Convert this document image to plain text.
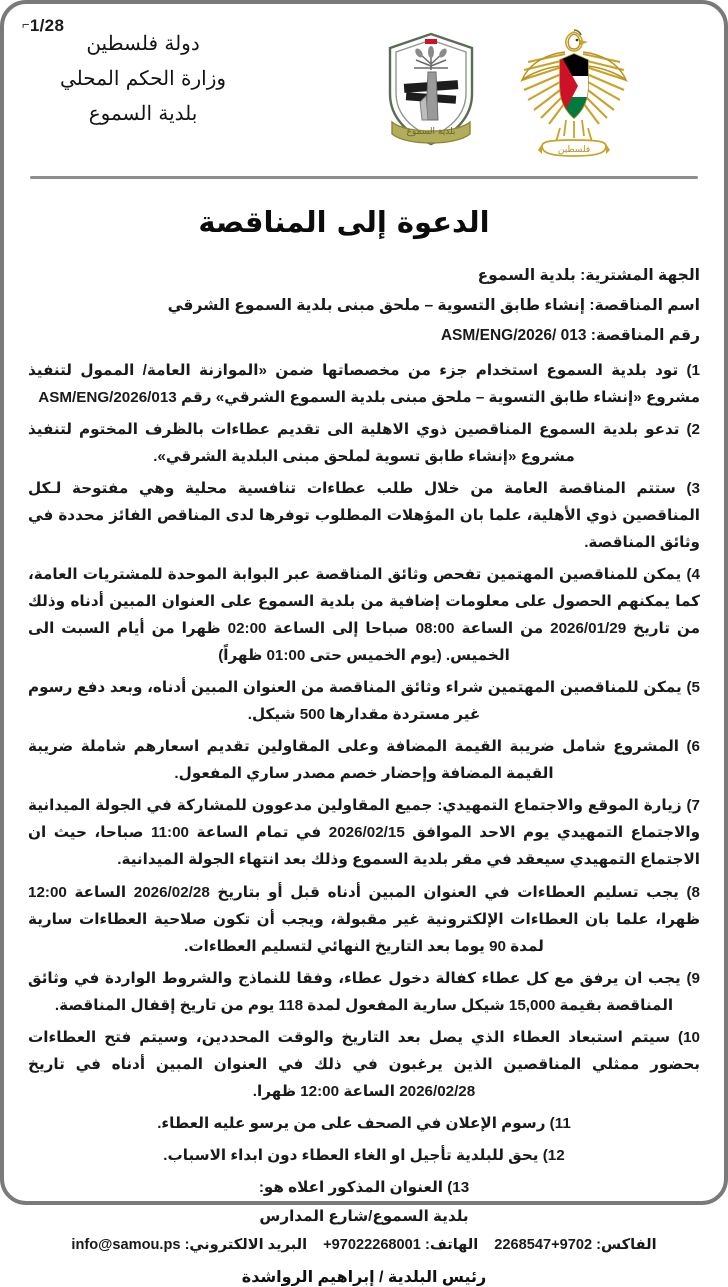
⌐1/28
دولة فلسطين
وزارة الحكم المحلي
بلدية السموع
فلسطين
بلدية السموع
الدعوة إلى المناقصة
الجهة المشترية: بلدية السموع
اسم المناقصة: إنشاء طابق التسوية – ملحق مبنى بلدية السموع الشرقي
رقم المناقصة: 013 /ASM/ENG/2026
1) تود بلدية السموع استخدام جزء من مخصصاتها ضمن «الموازنة العامة/ الممول لتنفيذ مشروع «إنشاء طابق التسوية – ملحق مبنى بلدية السموع الشرقي» رقم 013/ASM/ENG/2026
2) تدعو بلدية السموع المناقصين ذوي الاهلية الى تقديم عطاءات بالظرف المختوم لتنفيذ مشروع «إنشاء طابق تسوية لملحق مبنى البلدية الشرقي».
3) ستتم المناقصة العامة من خلال طلب عطاءات تنافسية محلية وهي مفتوحة لـكل المناقصين ذوي الأهلية، علما بان المؤهلات المطلوب توفرها لدى المناقص الفائز محددة في وثائق المناقصة.
4) يمكن للمناقصين المهتمين تفحص وثائق المناقصة عبر البوابة الموحدة للمشتريات العامة، كما يمكنهم الحصول على معلومات إضافية من بلدية السموع على العنوان المبين أدناه وذلك من تاريخ 2026/01/29 من الساعة 08:00 صباحا إلى الساعة 02:00 ظهرا من أيام السبت الى الخميس. (يوم الخميس حتى 01:00 ظهراً)
5) يمكن للمناقصين المهتمين شراء وثائق المناقصة من العنوان المبين أدناه، وبعد دفع رسوم غير مستردة مقدارها 500 شيكل.
6) المشروع شامل ضريبة القيمة المضافة وعلى المقاولين تقديم اسعارهم شاملة ضريبة القيمة المضافة وإحضار خصم مصدر ساري المفعول.
7) زيارة الموقع والاجتماع التمهيدي: جميع المقاولين مدعوون للمشاركة في الجولة الميدانية والاجتماع التمهيدي يوم الاحد الموافق 2026/02/15 في تمام الساعة 11:00 صباحا، حيث ان الاجتماع التمهيدي سيعقد في مقر بلدية السموع وذلك بعد انتهاء الجولة الميدانية.
8) يجب تسليم العطاءات في العنوان المبين أدناه قبل أو بتاريخ 2026/02/28 الساعة 12:00 ظهرا، علما بان العطاءات الإلكترونية غير مقبولة، ويجب أن تكون صلاحية العطاءات سارية لمدة 90 يوما بعد التاريخ النهائي لتسليم العطاءات.
9) يجب ان يرفق مع كل عطاء كفالة دخول عطاء، وفقا للنماذج والشروط الواردة في وثائق المناقصة بقيمة 15,000 شيكل سارية المفعول لمدة 118 يوم من تاريخ إقفال المناقصة.
10) سيتم استبعاد العطاء الذي يصل بعد التاريخ والوقت المحددين، وسيتم فتح العطاءات بحضور ممثلي المناقصين الذين يرغبون في ذلك في العنوان المبين أدناه في تاريخ 2026/02/28 الساعة 12:00 ظهرا.
11) رسوم الإعلان في الصحف على من يرسو عليه العطاء.
12) يحق للبلدية تأجيل او الغاء العطاء دون ابداء الاسباب.
13) العنوان المذكور اعلاه هو:
بلدية السموع/شارع المدارس
البريد الالكتروني: info@samou.ps	الهاتف: +97022268001	الفاكس: 2268547+9702
رئيس البلدية / إبراهيم الرواشدة
